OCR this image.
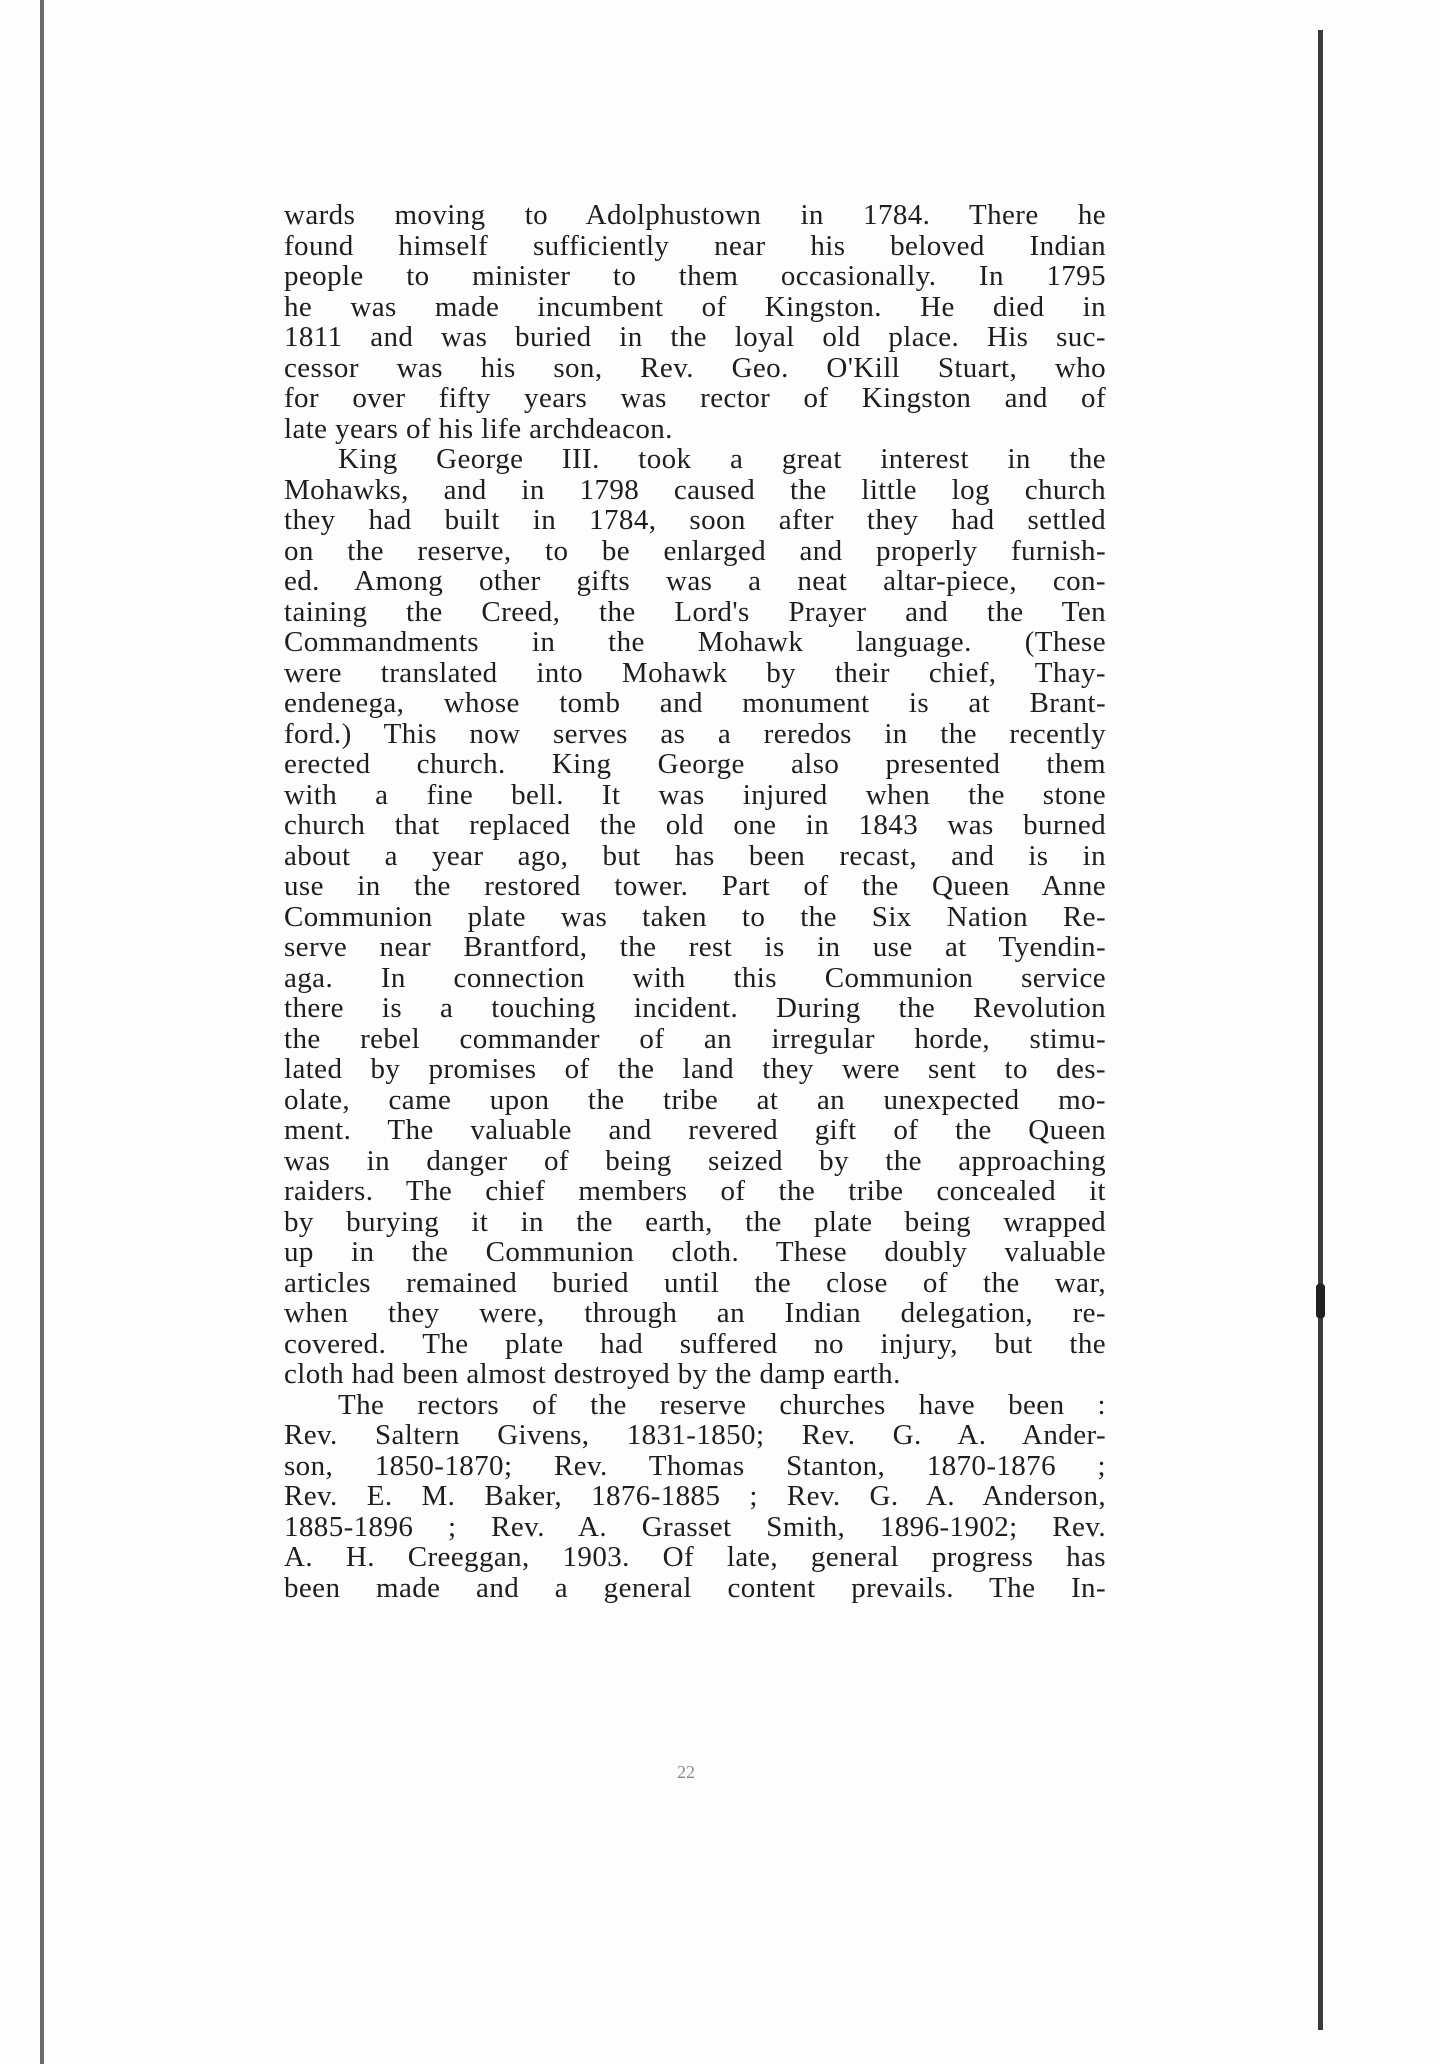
wards moving to Adolphustown in 1784. There he
found himself sufficiently near his beloved Indian
people to minister to them occasionally. In 1795
he was made incumbent of Kingston. He died in
1811 and was buried in the loyal old place. His suc-
cessor was his son, Rev. Geo. O'Kill Stuart, who
for over fifty years was rector of Kingston and of
late years of his life archdeacon.
King George III. took a great interest in the
Mohawks, and in 1798 caused the little log church
they had built in 1784, soon after they had settled
on the reserve, to be enlarged and properly furnish-
ed. Among other gifts was a neat altar-piece, con-
taining the Creed, the Lord's Prayer and the Ten
Commandments in the Mohawk language. (These
were translated into Mohawk by their chief, Thay-
endenega, whose tomb and monument is at Brant-
ford.) This now serves as a reredos in the recently
erected church. King George also presented them
with a fine bell. It was injured when the stone
church that replaced the old one in 1843 was burned
about a year ago, but has been recast, and is in
use in the restored tower. Part of the Queen Anne
Communion plate was taken to the Six Nation Re-
serve near Brantford, the rest is in use at Tyendin-
aga. In connection with this Communion service
there is a touching incident. During the Revolution
the rebel commander of an irregular horde, stimu-
lated by promises of the land they were sent to des-
olate, came upon the tribe at an unexpected mo-
ment. The valuable and revered gift of the Queen
was in danger of being seized by the approaching
raiders. The chief members of the tribe concealed it
by burying it in the earth, the plate being wrapped
up in the Communion cloth. These doubly valuable
articles remained buried until the close of the war,
when they were, through an Indian delegation, re-
covered. The plate had suffered no injury, but the
cloth had been almost destroyed by the damp earth.
The rectors of the reserve churches have been :
Rev. Saltern Givens, 1831-1850; Rev. G. A. Ander-
son, 1850-1870; Rev. Thomas Stanton, 1870-1876 ;
Rev. E. M. Baker, 1876-1885 ; Rev. G. A. Anderson,
1885-1896 ; Rev. A. Grasset Smith, 1896-1902; Rev.
A. H. Creeggan, 1903. Of late, general progress has
been made and a general content prevails. The In-
22
